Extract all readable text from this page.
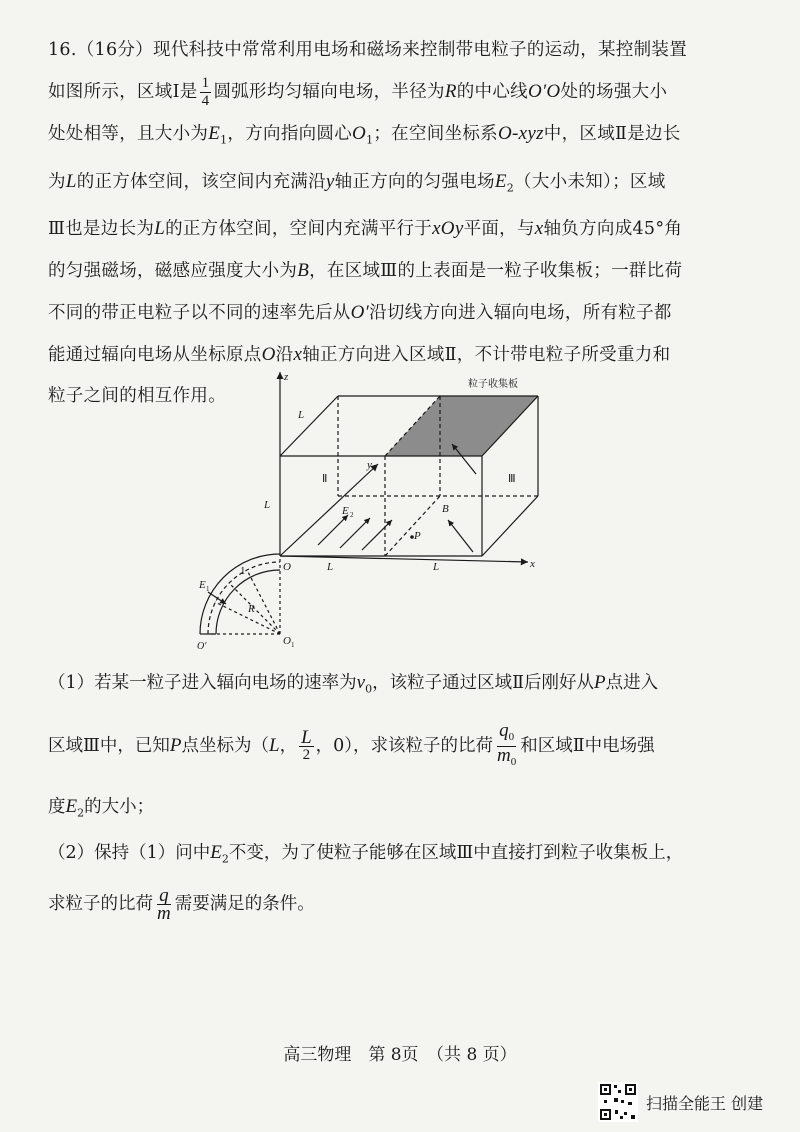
16.（16分）现代科技中常常利用电场和磁场来控制带电粒子的运动，某控制装置
如图所示，区域Ⅰ是 $\frac{1}{4}$ 圆弧形均匀辐向电场，半径为R的中心线O′O处的场强大小
处处相等，且大小为$E_1$，方向指向圆心$O_1$；在空间坐标系O-xyz中，区域Ⅱ是边长
为L的正方体空间，该空间内充满沿y轴正方向的匀强电场$E_2$（大小未知）；区域
Ⅲ也是边长为L的正方体空间，空间内充满平行于xOy平面，与x轴负方向成45°角
的匀强磁场，磁感应强度大小为B，在区域Ⅲ的上表面是一粒子收集板；一群比荷
不同的带正电粒子以不同的速率先后从O′沿切线方向进入辐向电场，所有粒子都
能通过辐向电场从坐标原点O沿x轴正方向进入区域Ⅱ，不计带电粒子所受重力和
粒子之间的相互作用。
z
x
y
粒子收集板
L
L
L	L
Ⅱ	Ⅲ
E 2	B
P
O
O 1
O′
R
E 1
1
（1）若某一粒子进入辐向电场的速率为$v_0$，该粒子通过区域Ⅱ后刚好从P点进入
区域Ⅲ中，已知P点坐标为（L， $\frac{L}{2}$ ，0），求该粒子的比荷 $\frac{q_0}{m_0}$ 和区域Ⅱ中电场强
度$E_2$的大小；
（2）保持（1）问中$E_2$不变，为了使粒子能够在区域Ⅲ中直接打到粒子收集板上，
求粒子的比荷 $\frac{q}{m}$ 需要满足的条件。
高三物理　第 8页　（共 8 页）
扫描全能王 创建
